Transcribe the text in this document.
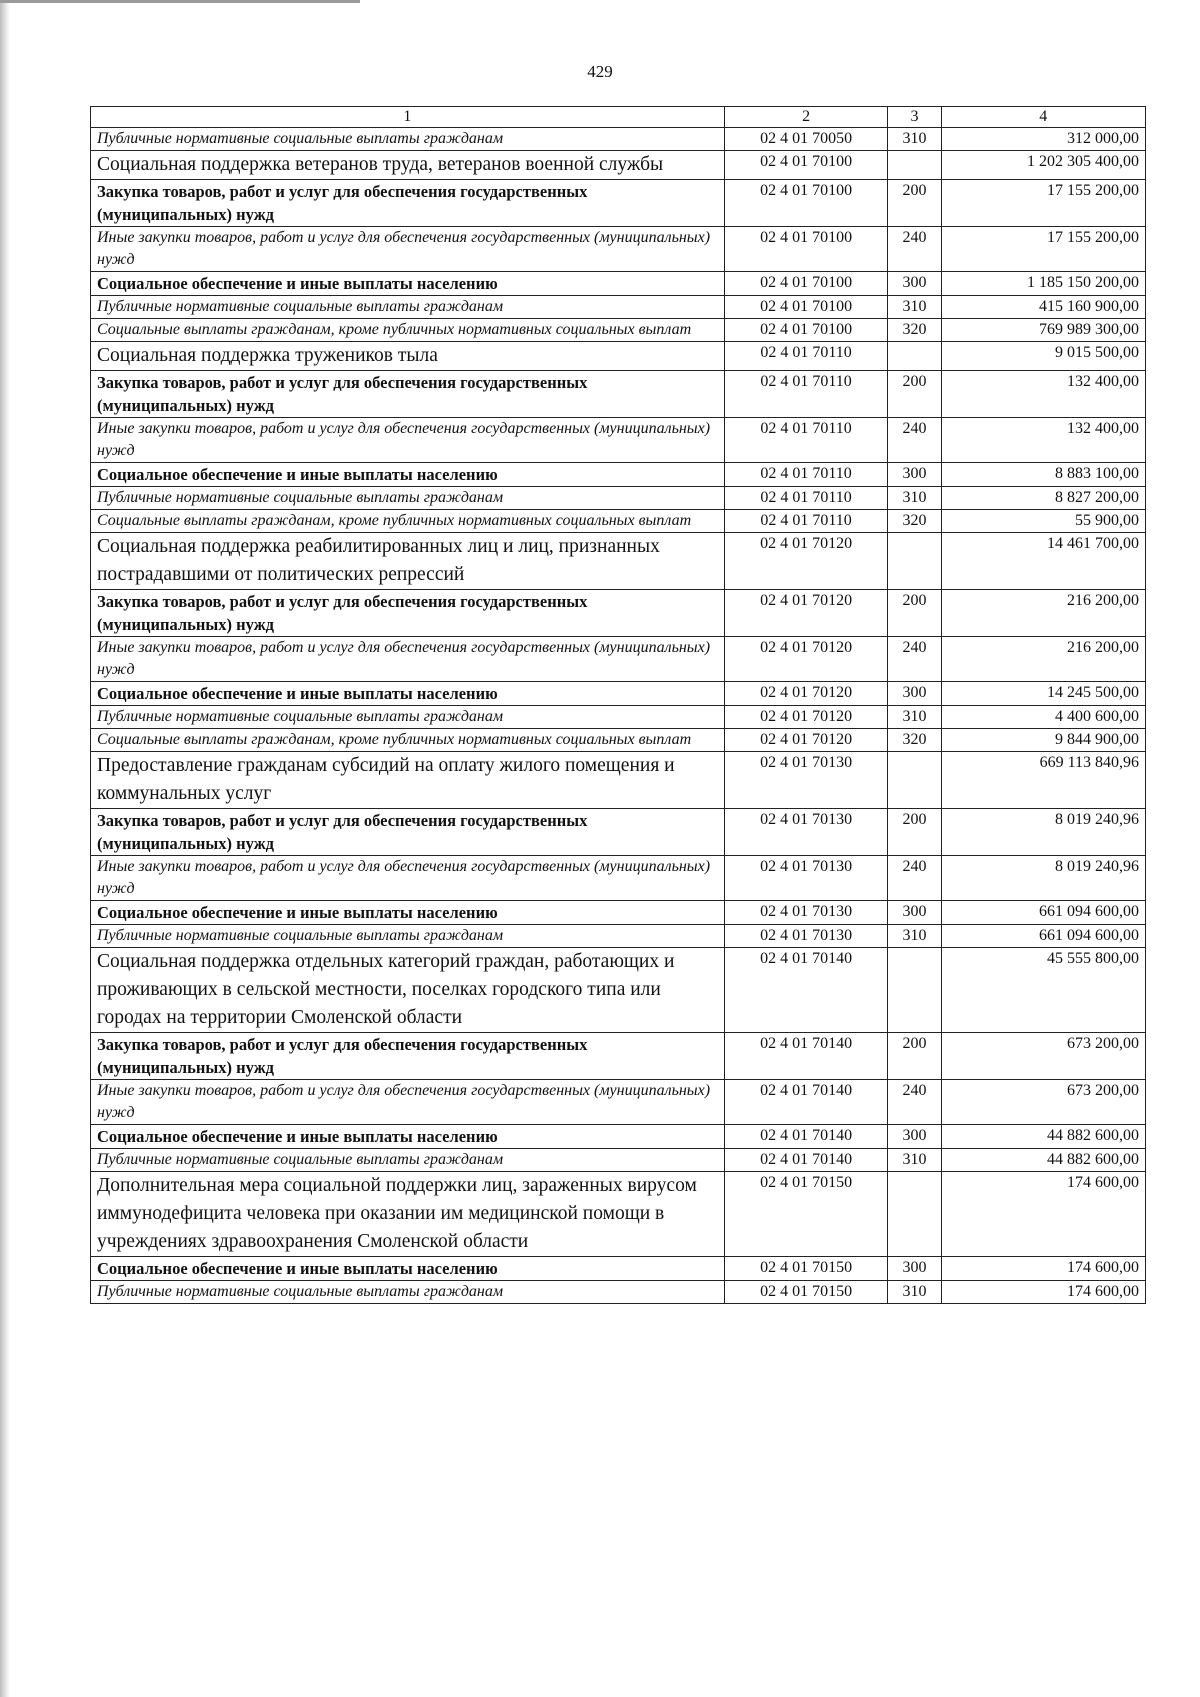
429
1	2	3	4
Публичные нормативные социальные выплаты гражданам	02 4 01 70050	310	312 000,00
Социальная поддержка ветеранов труда, ветеранов военной службы	02 4 01 70100		1 202 305 400,00
Закупка товаров, работ и услуг для обеспечения государственных (муниципальных) нужд	02 4 01 70100	200	17 155 200,00
Иные закупки товаров, работ и услуг для обеспечения государственных (муниципальных) нужд	02 4 01 70100	240	17 155 200,00
Социальное обеспечение и иные выплаты населению	02 4 01 70100	300	1 185 150 200,00
Публичные нормативные социальные выплаты гражданам	02 4 01 70100	310	415 160 900,00
Социальные выплаты гражданам, кроме публичных нормативных социальных выплат	02 4 01 70100	320	769 989 300,00
Социальная поддержка тружеников тыла	02 4 01 70110		9 015 500,00
Закупка товаров, работ и услуг для обеспечения государственных (муниципальных) нужд	02 4 01 70110	200	132 400,00
Иные закупки товаров, работ и услуг для обеспечения государственных (муниципальных) нужд	02 4 01 70110	240	132 400,00
Социальное обеспечение и иные выплаты населению	02 4 01 70110	300	8 883 100,00
Публичные нормативные социальные выплаты гражданам	02 4 01 70110	310	8 827 200,00
Социальные выплаты гражданам, кроме публичных нормативных социальных выплат	02 4 01 70110	320	55 900,00
Социальная поддержка реабилитированных лиц и лиц, признанных пострадавшими от политических репрессий	02 4 01 70120		14 461 700,00
Закупка товаров, работ и услуг для обеспечения государственных (муниципальных) нужд	02 4 01 70120	200	216 200,00
Иные закупки товаров, работ и услуг для обеспечения государственных (муниципальных) нужд	02 4 01 70120	240	216 200,00
Социальное обеспечение и иные выплаты населению	02 4 01 70120	300	14 245 500,00
Публичные нормативные социальные выплаты гражданам	02 4 01 70120	310	4 400 600,00
Социальные выплаты гражданам, кроме публичных нормативных социальных выплат	02 4 01 70120	320	9 844 900,00
Предоставление гражданам субсидий на оплату жилого помещения и коммунальных услуг	02 4 01 70130		669 113 840,96
Закупка товаров, работ и услуг для обеспечения государственных (муниципальных) нужд	02 4 01 70130	200	8 019 240,96
Иные закупки товаров, работ и услуг для обеспечения государственных (муниципальных) нужд	02 4 01 70130	240	8 019 240,96
Социальное обеспечение и иные выплаты населению	02 4 01 70130	300	661 094 600,00
Публичные нормативные социальные выплаты гражданам	02 4 01 70130	310	661 094 600,00
Социальная поддержка отдельных категорий граждан, работающих и проживающих в сельской местности, поселках городского типа или городах на территории Смоленской области	02 4 01 70140		45 555 800,00
Закупка товаров, работ и услуг для обеспечения государственных (муниципальных) нужд	02 4 01 70140	200	673 200,00
Иные закупки товаров, работ и услуг для обеспечения государственных (муниципальных) нужд	02 4 01 70140	240	673 200,00
Социальное обеспечение и иные выплаты населению	02 4 01 70140	300	44 882 600,00
Публичные нормативные социальные выплаты гражданам	02 4 01 70140	310	44 882 600,00
Дополнительная мера социальной поддержки лиц, зараженных вирусом иммунодефицита человека при оказании им медицинской помощи в учреждениях здравоохранения Смоленской области	02 4 01 70150		174 600,00
Социальное обеспечение и иные выплаты населению	02 4 01 70150	300	174 600,00
Публичные нормативные социальные выплаты гражданам	02 4 01 70150	310	174 600,00
